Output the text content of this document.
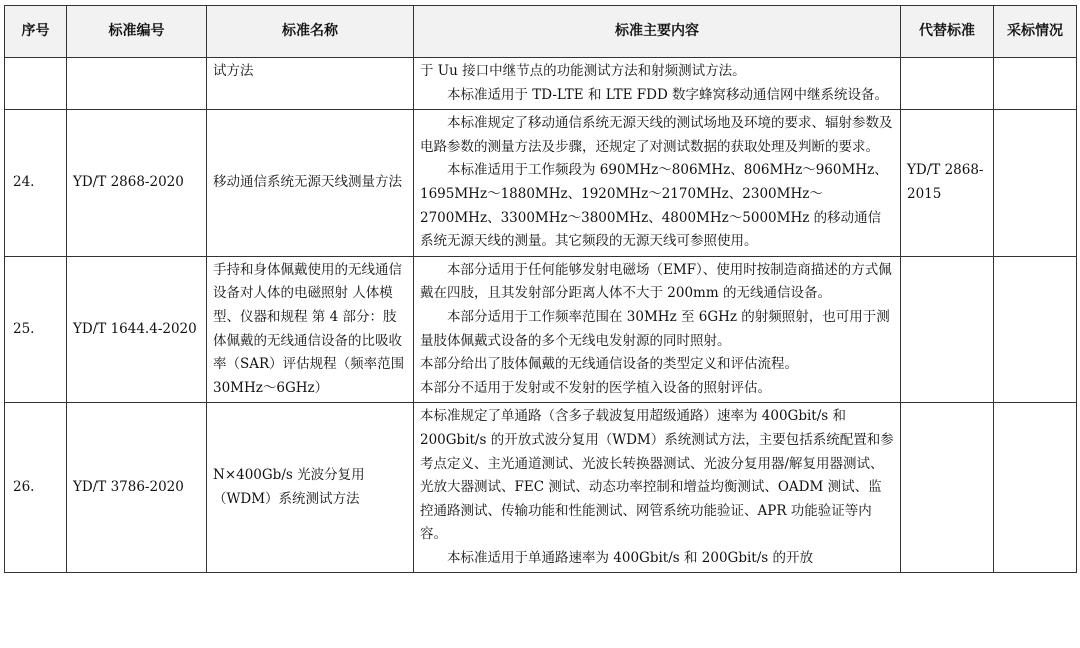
序号	标准编号	标准名称	标准主要内容	代替标准	采标情况
		试方法	于 Uu 接口中继节点的功能测试方法和射频测试方法。

本标准适用于 TD-LTE 和 LTE FDD 数字蜂窝移动通信网中继系统设备。		

24.	YD/T 2868-2020	移动通信系统无源天线测量方法	本标准规定了移动通信系统无源天线的测试场地及环境的要求、辐射参数及电路参数的测量方法及步骤，还规定了对测试数据的获取处理及判断的要求。

本标准适用于工作频段为 690MHz～806MHz、806MHz～960MHz、1695MHz～1880MHz、1920MHz～2170MHz、2300MHz～2700MHz、3300MHz～3800MHz、4800MHz～5000MHz 的移动通信系统无源天线的测量。其它频段的无源天线可参照使用。	YD/T 2868-2015	
25.	YD/T 1644.4-2020	手持和身体佩戴使用的无线通信设备对人体的电磁照射 人体模型、仪器和规程 第 4 部分：肢体佩戴的无线通信设备的比吸收率（SAR）评估规程（频率范围 30MHz～6GHz）	本部分适用于任何能够发射电磁场（EMF）、使用时按制造商描述的方式佩戴在四肢，且其发射部分距离人体不大于 200mm 的无线通信设备。

本部分适用于工作频率范围在 30MHz 至 6GHz 的射频照射，也可用于测量肢体佩戴式设备的多个无线电发射源的同时照射。

本部分给出了肢体佩戴的无线通信设备的类型定义和评估流程。

本部分不适用于发射或不发射的医学植入设备的照射评估。		

26.	YD/T 3786-2020	N×400Gb/s 光波分复用（WDM）系统测试方法	本标准规定了单通路（含多子载波复用超级通路）速率为 400Gbit/s 和 200Gbit/s 的开放式波分复用（WDM）系统测试方法，主要包括系统配置和参考点定义、主光通道测试、光波长转换器测试、光波分复用器/解复用器测试、光放大器测试、FEC 测试、动态功率控制和增益均衡测试、OADM 测试、监控通路测试、传输功能和性能测试、网管系统功能验证、APR 功能验证等内容。

本标准适用于单通路速率为 400Gbit/s 和 200Gbit/s 的开放		
